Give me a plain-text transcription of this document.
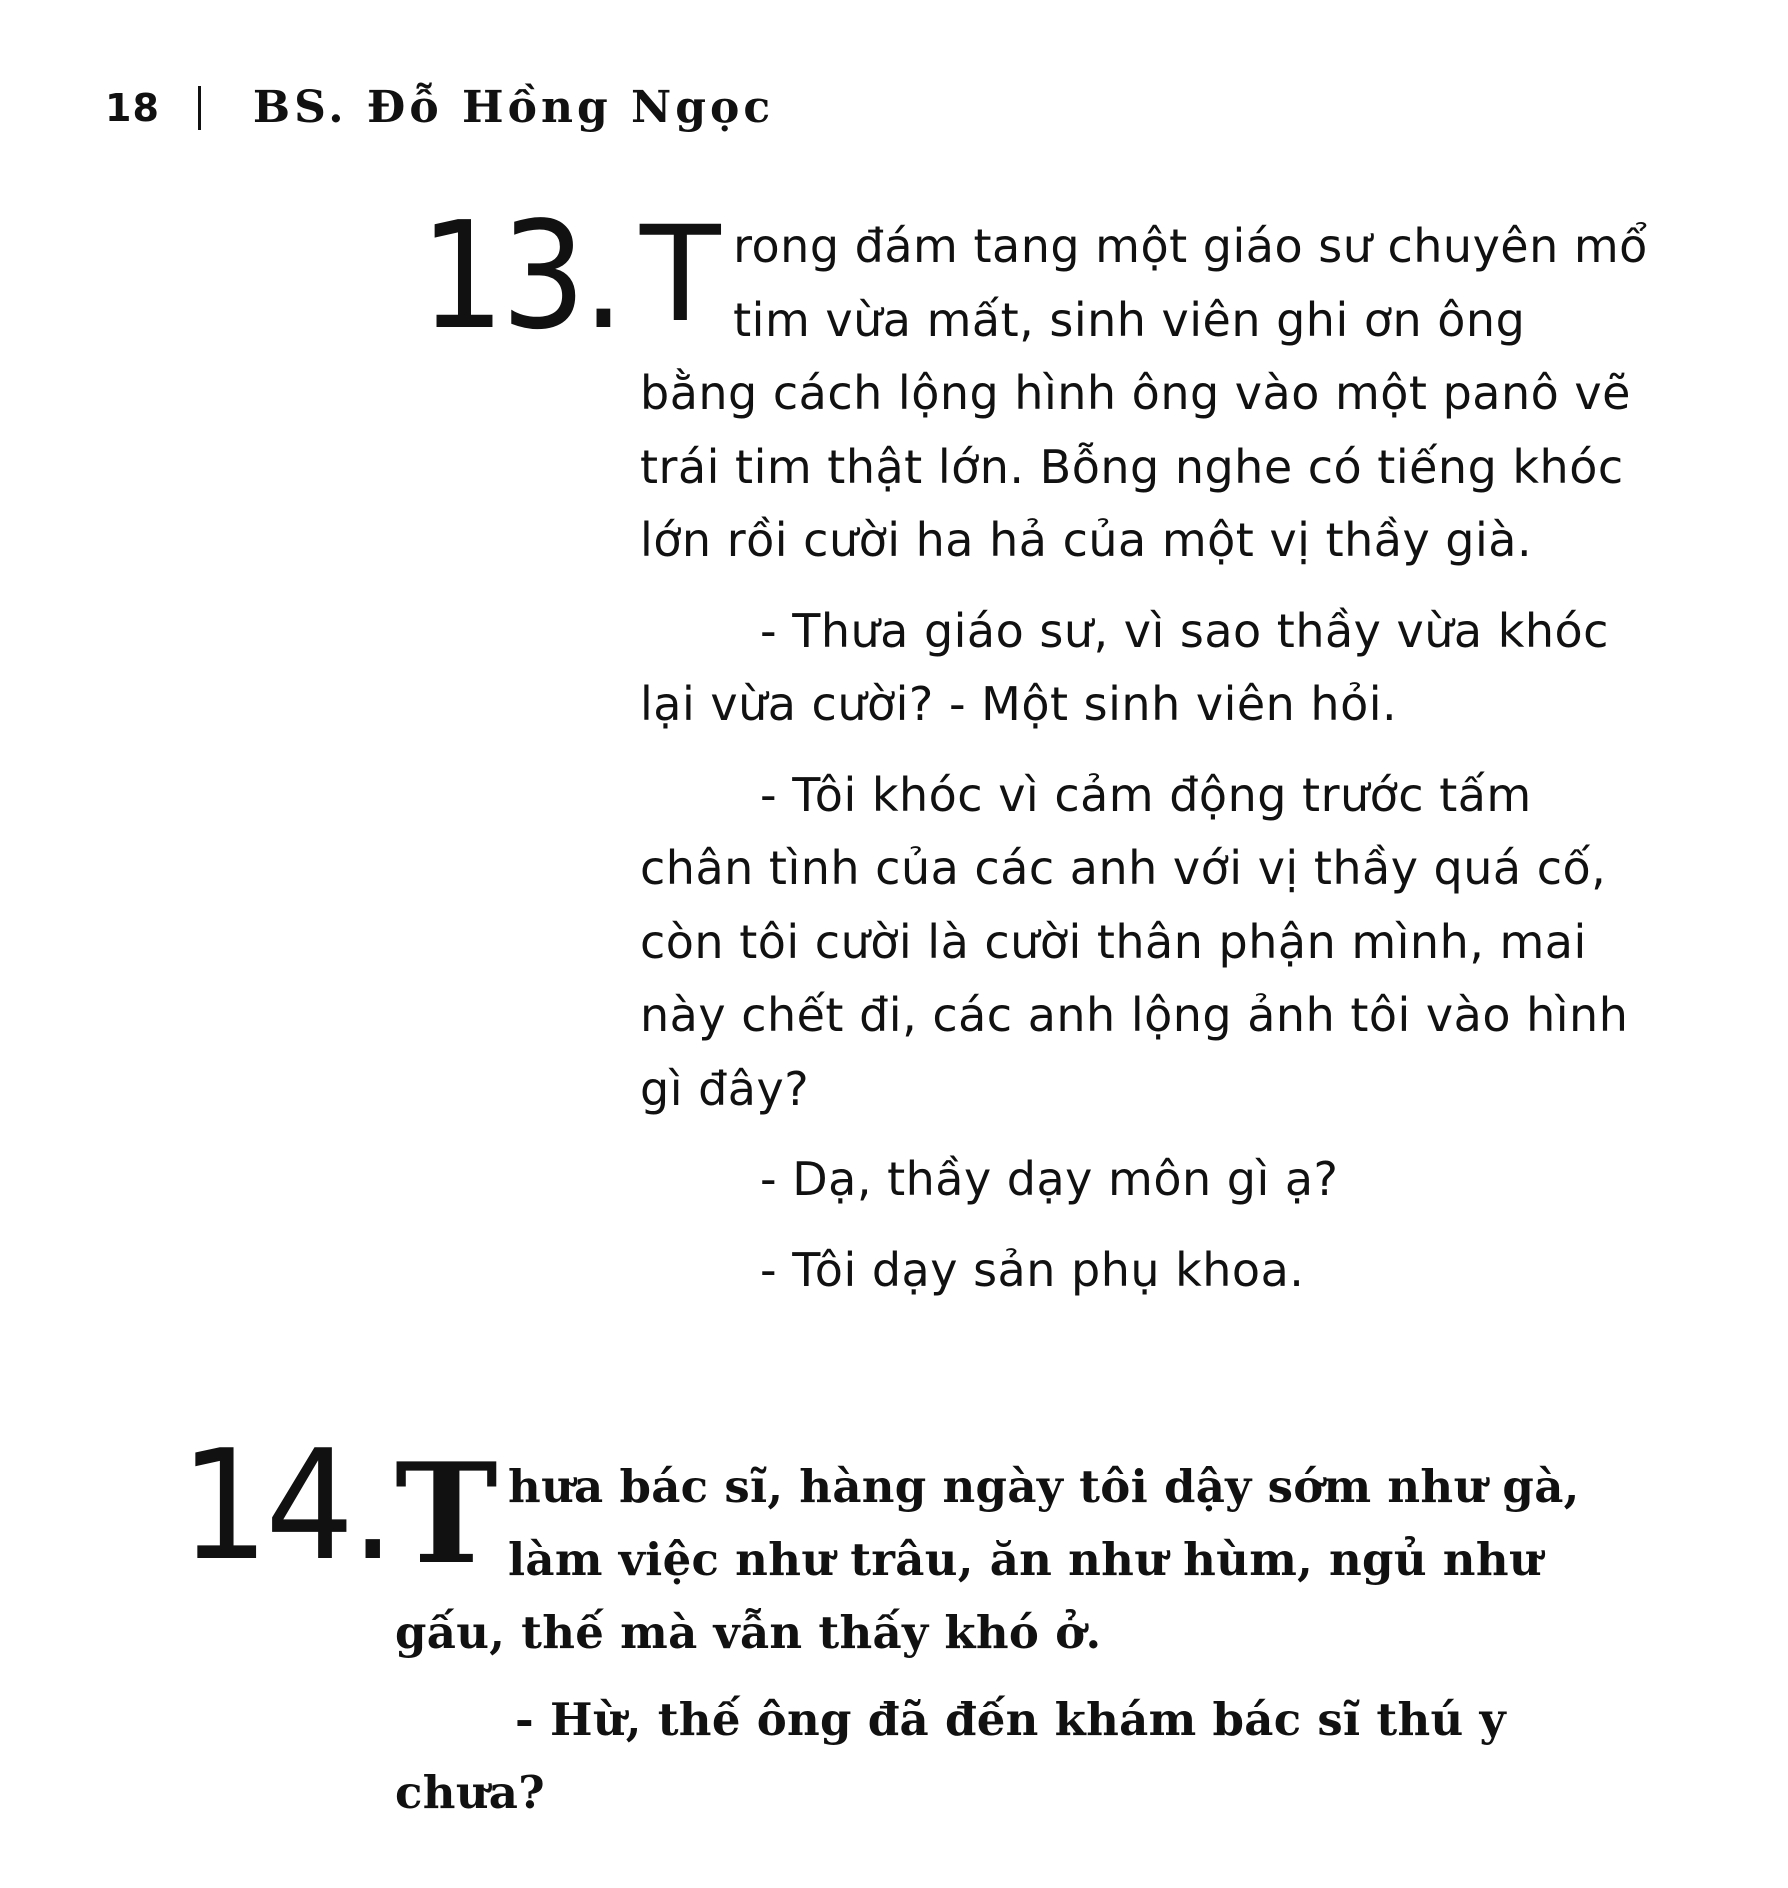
18 BS. Đỗ Hồng Ngọc
13. Trong đám tang một giáo sư chuyên mổ tim vừa mất, sinh viên ghi ơn ông bằng cách lộng hình ông vào một panô vẽ trái tim thật lớn. Bỗng nghe có tiếng khóc lớn rồi cười ha hả của một vị thầy già.

- Thưa giáo sư, vì sao thầy vừa khóc lại vừa cười? - Một sinh viên hỏi.

- Tôi khóc vì cảm động trước tấm chân tình của các anh với vị thầy quá cố, còn tôi cười là cười thân phận mình, mai này chết đi, các anh lộng ảnh tôi vào hình gì đây?

- Dạ, thầy dạy môn gì ạ?

- Tôi dạy sản phụ khoa.

14. Thưa bác sĩ, hàng ngày tôi dậy sớm như gà, làm việc như trâu, ăn như hùm, ngủ như gấu, thế mà vẫn thấy khó ở.

- Hừ, thế ông đã đến khám bác sĩ thú y chưa?
